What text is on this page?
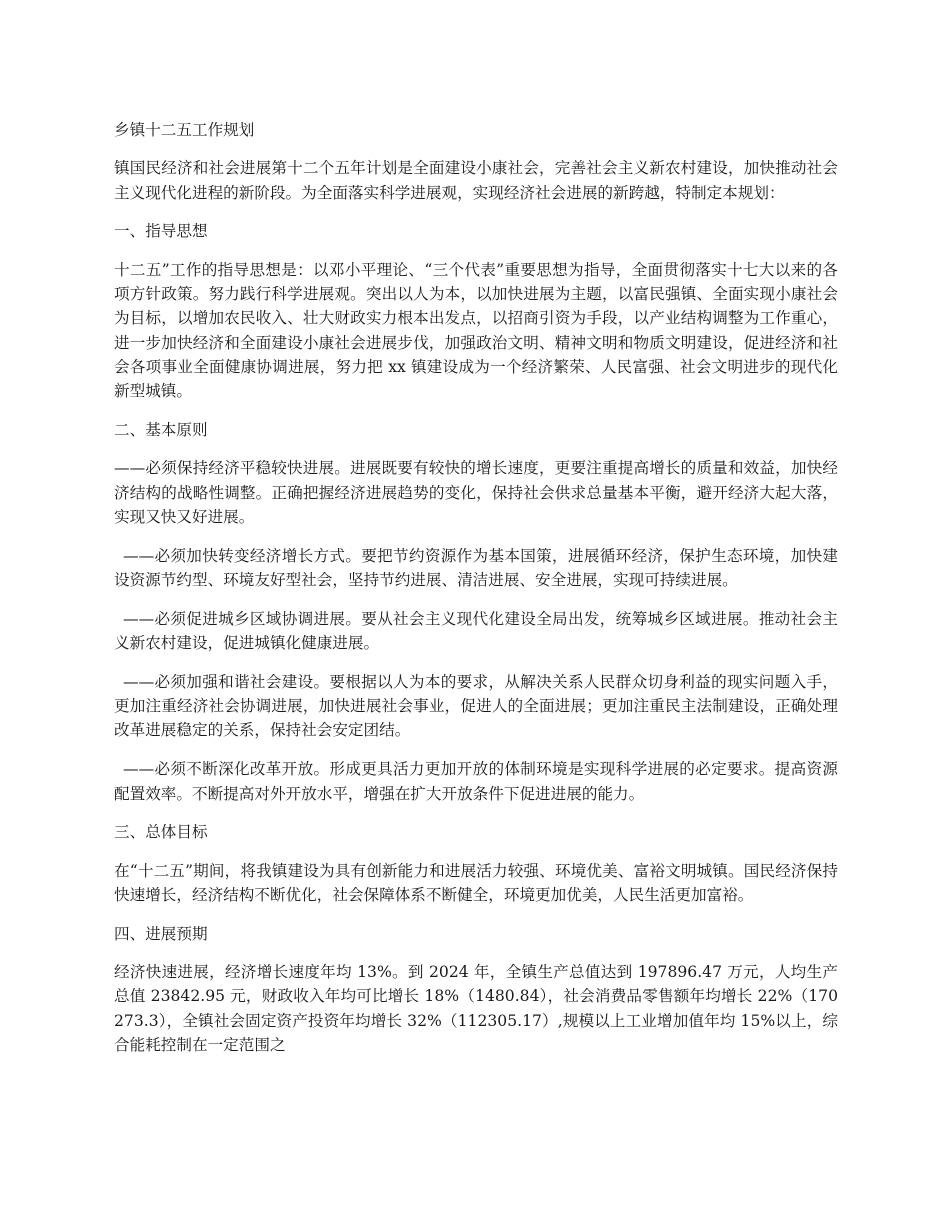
乡镇十二五工作规划

镇国民经济和社会进展第十二个五年计划是全面建设小康社会，完善社会主义新农村建设，加快推动社会主义现代化进程的新阶段。为全面落实科学进展观，实现经济社会进展的新跨越，特制定本规划：

一、指导思想

十二五”工作的指导思想是：以邓小平理论、“三个代表”重要思想为指导，全面贯彻落实十七大以来的各项方针政策。努力践行科学进展观。突出以人为本，以加快进展为主题，以富民强镇、全面实现小康社会为目标，以增加农民收入、壮大财政实力根本出发点，以招商引资为手段，以产业结构调整为工作重心，进一步加快经济和全面建设小康社会进展步伐，加强政治文明、精神文明和物质文明建设，促进经济和社会各项事业全面健康协调进展，努力把 xx 镇建设成为一个经济繁荣、人民富强、社会文明进步的现代化新型城镇。

二、基本原则

——必须保持经济平稳较快进展。进展既要有较快的增长速度，更要注重提高增长的质量和效益，加快经济结构的战略性调整。正确把握经济进展趋势的变化，保持社会供求总量基本平衡，避开经济大起大落，实现又快又好进展。

——必须加快转变经济增长方式。要把节约资源作为基本国策，进展循环经济，保护生态环境，加快建设资源节约型、环境友好型社会，坚持节约进展、清洁进展、安全进展，实现可持续进展。

——必须促进城乡区域协调进展。要从社会主义现代化建设全局出发，统筹城乡区域进展。推动社会主义新农村建设，促进城镇化健康进展。

——必须加强和谐社会建设。要根据以人为本的要求，从解决关系人民群众切身利益的现实问题入手，更加注重经济社会协调进展，加快进展社会事业，促进人的全面进展；更加注重民主法制建设，正确处理改革进展稳定的关系，保持社会安定团结。

——必须不断深化改革开放。形成更具活力更加开放的体制环境是实现科学进展的必定要求。提高资源配置效率。不断提高对外开放水平，增强在扩大开放条件下促进进展的能力。

三、总体目标

在“十二五”期间，将我镇建设为具有创新能力和进展活力较强、环境优美、富裕文明城镇。国民经济保持快速增长，经济结构不断优化，社会保障体系不断健全，环境更加优美，人民生活更加富裕。

四、进展预期

经济快速进展，经济增长速度年均 13%。到 2024 年，全镇生产总值达到 197896.47 万元，人均生产总值 23842.95 元，财政收入年均可比增长 18%（1480.84），社会消费品零售额年均增长 22%（170273.3），全镇社会固定资产投资年均增长 32%（112305.17）,规模以上工业增加值年均 15%以上，综合能耗控制在一定范围之
